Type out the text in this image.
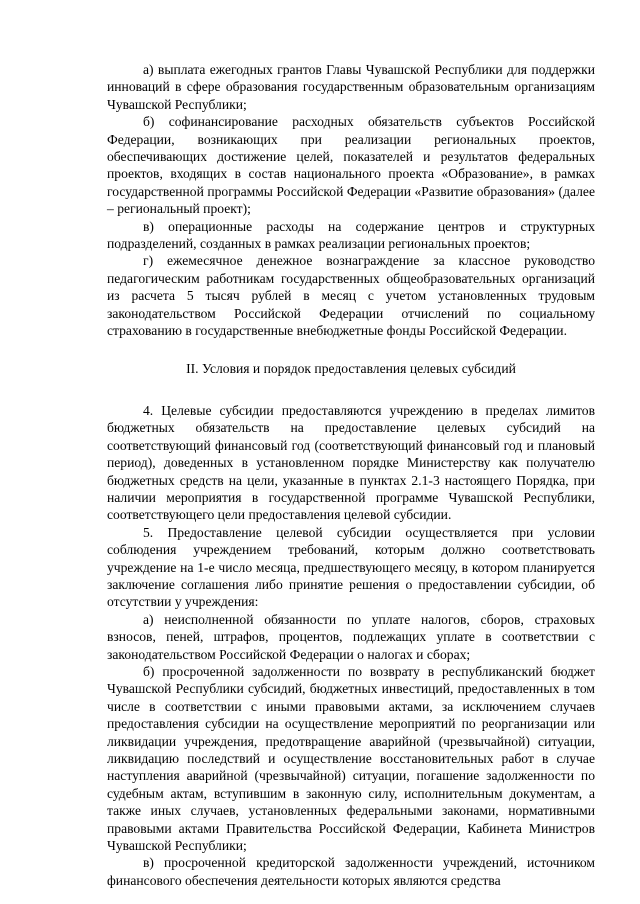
а) выплата ежегодных грантов Главы Чувашской Республики для поддержки инноваций в сфере образования государственным образовательным организациям Чувашской Республики;

б) софинансирование расходных обязательств субъектов Российской Федерации, возникающих при реализации региональных проектов, обеспечивающих достижение целей, показателей и результатов федеральных проектов, входящих в состав национального проекта «Образование», в рамках государственной программы Российской Федерации «Развитие образования» (далее – региональный проект);

в) операционные расходы на содержание центров и структурных подразделений, созданных в рамках реализации региональных проектов;

г) ежемесячное денежное вознаграждение за классное руководство педагогическим работникам государственных общеобразовательных организаций из расчета 5 тысяч рублей в месяц с учетом установленных трудовым законодательством Российской Федерации отчислений по социальному страхованию в государственные внебюджетные фонды Российской Федерации.

II. Условия и порядок предоставления целевых субсидий

4. Целевые субсидии предоставляются учреждению в пределах лимитов бюджетных обязательств на предоставление целевых субсидий на соответствующий финансовый год (соответствующий финансовый год и плановый период), доведенных в установленном порядке Министерству как получателю бюджетных средств на цели, указанные в пунктах 2.1-3 настоящего Порядка, при наличии мероприятия в государственной программе Чувашской Республики, соответствующего цели предоставления целевой субсидии.

5. Предоставление целевой субсидии осуществляется при условии соблюдения учреждением требований, которым должно соответствовать учреждение на 1-е число месяца, предшествующего месяцу, в котором планируется заключение соглашения либо принятие решения о предоставлении субсидии, об отсутствии у учреждения:

а) неисполненной обязанности по уплате налогов, сборов, страховых взносов, пеней, штрафов, процентов, подлежащих уплате в соответствии с законодательством Российской Федерации о налогах и сборах;

б) просроченной задолженности по возврату в республиканский бюджет Чувашской Республики субсидий, бюджетных инвестиций, предоставленных в том числе в соответствии с иными правовыми актами, за исключением случаев предоставления субсидии на осуществление мероприятий по реорганизации или ликвидации учреждения, предотвращение аварийной (чрезвычайной) ситуации, ликвидацию последствий и осуществление восстановительных работ в случае наступления аварийной (чрезвычайной) ситуации, погашение задолженности по судебным актам, вступившим в законную силу, исполнительным документам, а также иных случаев, установленных федеральными законами, нормативными правовыми актами Правительства Российской Федерации, Кабинета Министров Чувашской Республики;

в) просроченной кредиторской задолженности учреждений, источником финансового обеспечения деятельности которых являются средства
